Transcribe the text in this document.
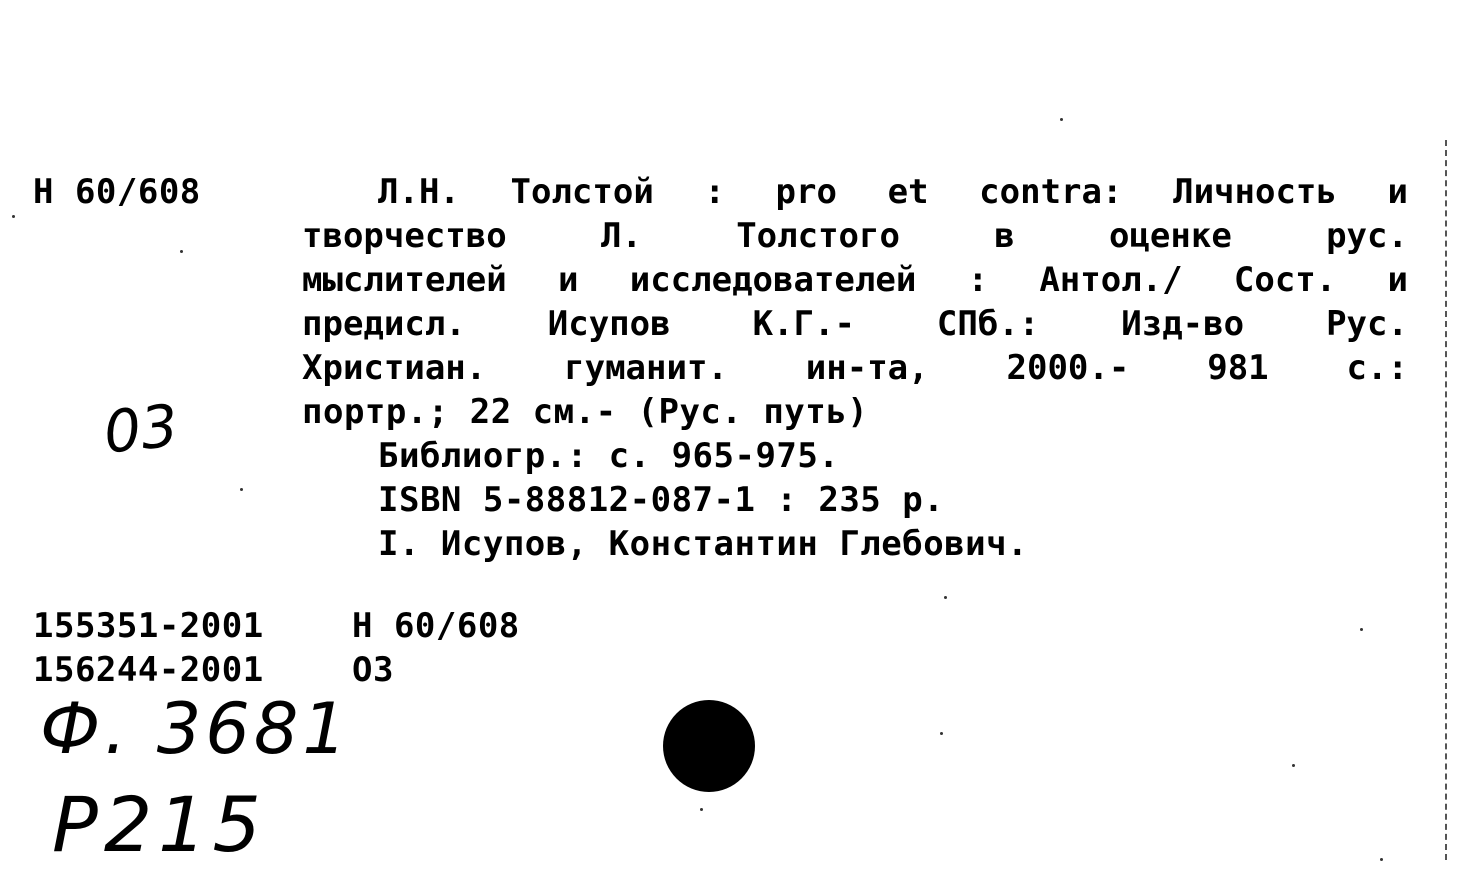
Н 60/608	Л.Н. Толстой : pro et contra: Личность и
творчество	Л.	Толстого	в	оценке	рус.
мыслителей и исследователей : Антол./ Сост. и
предисл. Исупов К.Г.- СПб.: Изд-во Рус.
Христиан. гуманит. ин-та, 2000.- 981 с.:
портр.; 22 см.- (Рус. путь)
Библиогр.: с. 965-975.
ISBN 5-88812-087-1 : 235 р.
I. Исупов, Константин Глебович.
155351-2001	Н 60/608
156244-2001	О3
03
Ф. 3681
Р215
